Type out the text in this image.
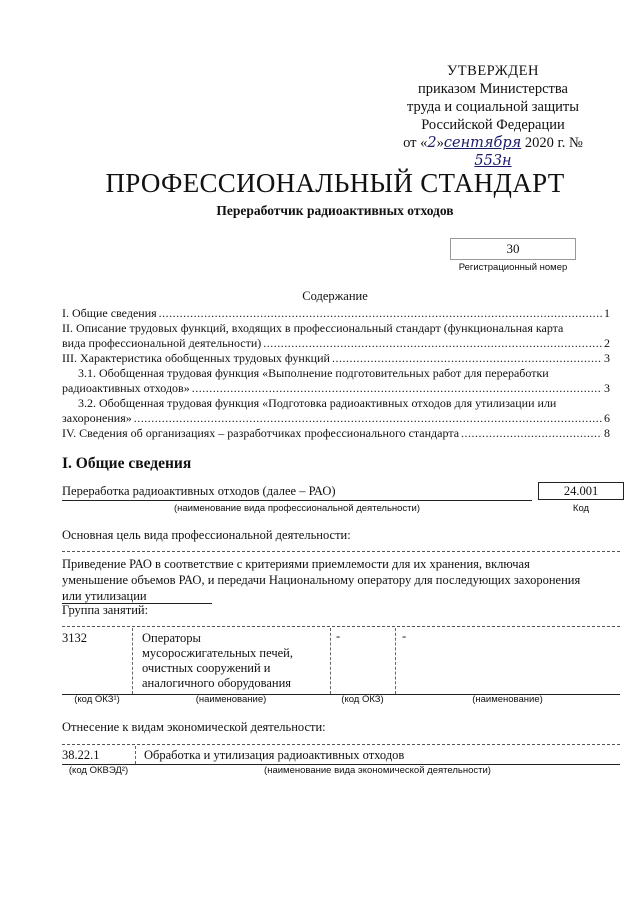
УТВЕРЖДЕН
приказом Министерства
труда и социальной защиты
Российской Федерации
от «2»сентября 2020 г. № 553н
ПРОФЕССИОНАЛЬНЫЙ СТАНДАРТ
Переработчик радиоактивных отходов
30
Регистрационный номер
Содержание
I. Общие сведения .....	1
II. Описание трудовых функций, входящих в профессиональный стандарт (функциональная карта
вида профессиональной деятельности) .....	2
III. Характеристика обобщенных трудовых функций .....	3
3.1. Обобщенная трудовая функция «Выполнение подготовительных работ для переработки
радиоактивных отходов» .....	3
3.2. Обобщенная трудовая функция «Подготовка радиоактивных отходов для утилизации или
захоронения» .....	6
IV. Сведения об организациях – разработчиках профессионального стандарта .....	8
I. Общие сведения
Переработка радиоактивных отходов (далее – РАО)
(наименование вида профессиональной деятельности)
24.001
Код
Основная цель вида профессиональной деятельности:
Приведение РАО в соответствие с критериями приемлемости для их хранения, включая
уменьшение объемов РАО, и передачи Национальному оператору для последующих захоронения
или утилизации
Группа занятий:
3132	Операторы
мусоросжигательных печей,
очистных сооружений и
аналогичного оборудования
-	-
(код ОКЗ¹)	(наименование)	(код ОКЗ)	(наименование)
Отнесение к видам экономической деятельности:
38.22.1	Обработка и утилизация радиоактивных отходов
(код ОКВЭД²)	(наименование вида экономической деятельности)
